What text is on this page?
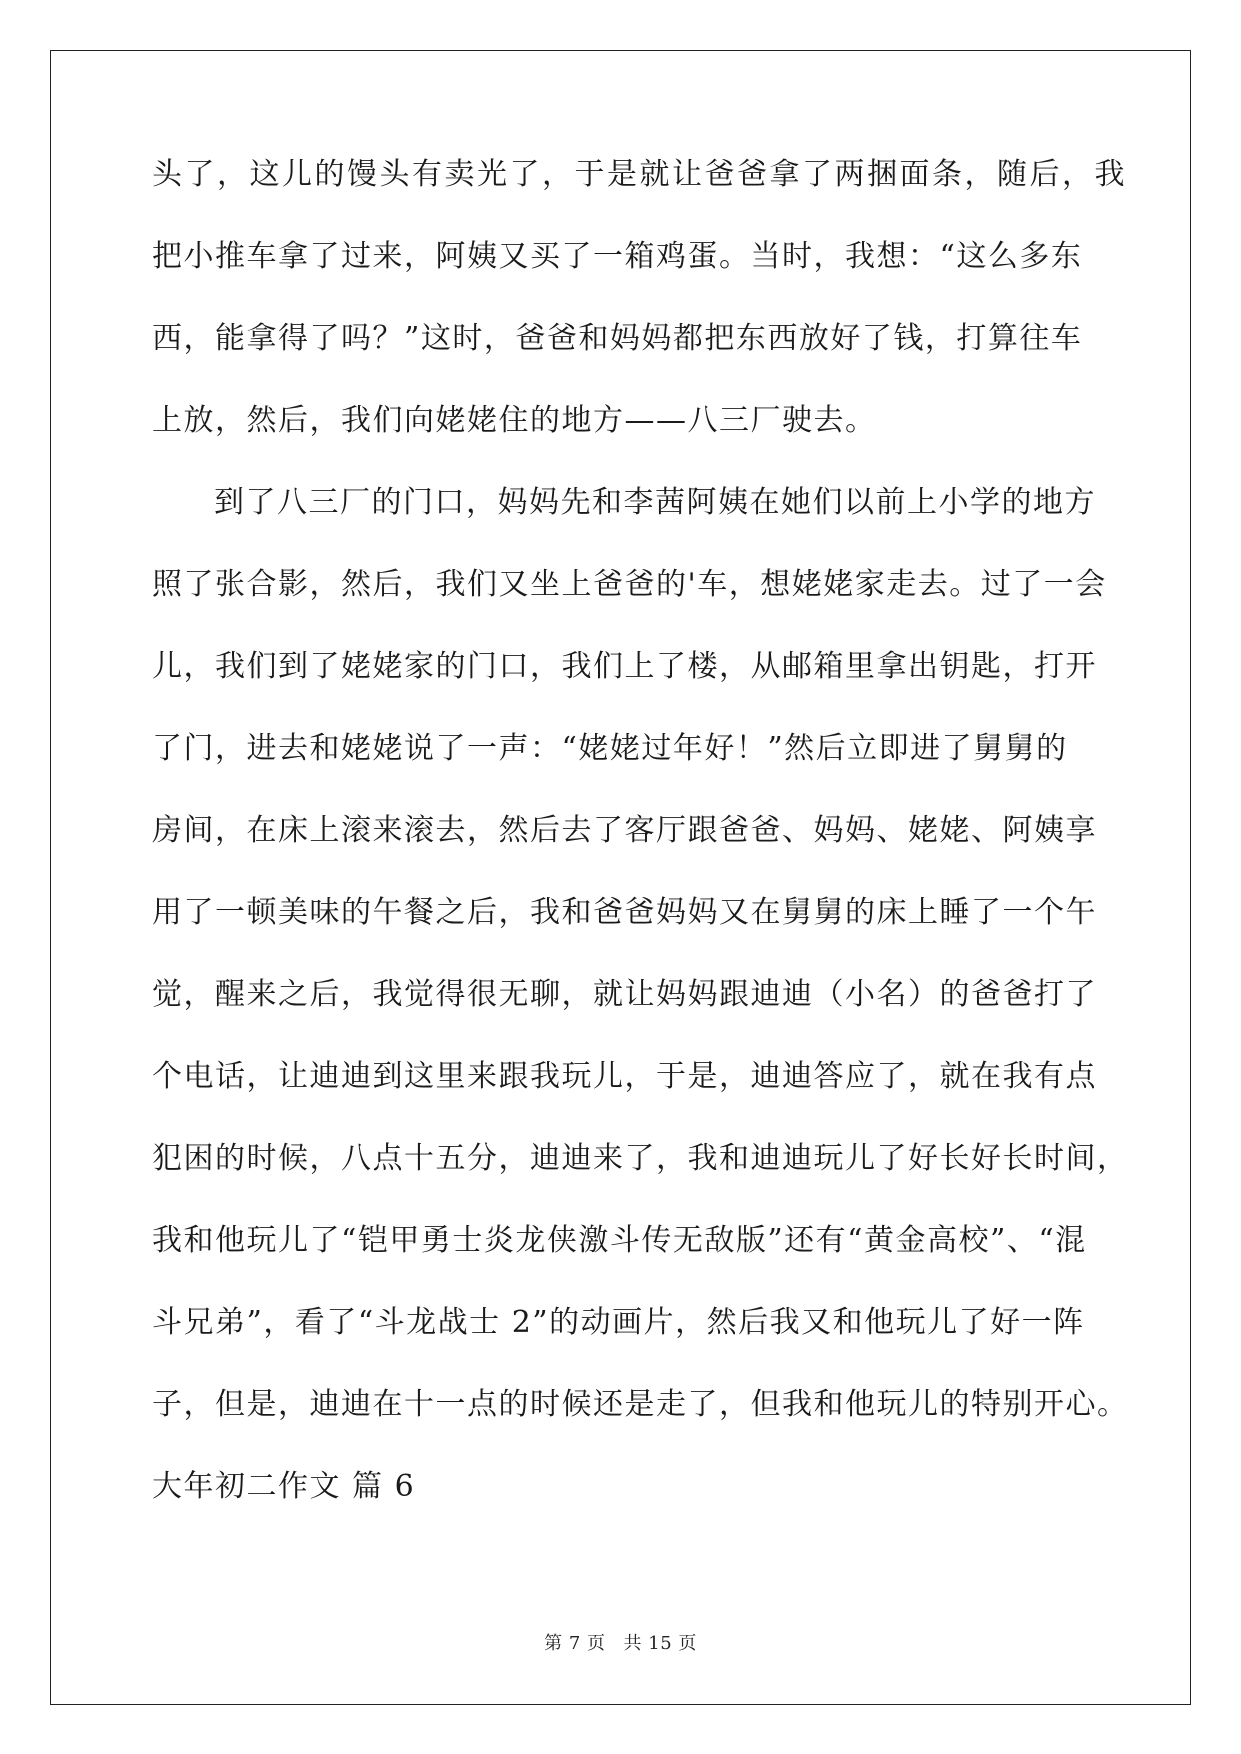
头了，这儿的馒头有卖光了，于是就让爸爸拿了两捆面条，随后，我
把小推车拿了过来，阿姨又买了一箱鸡蛋。当时，我想：“这么多东
西，能拿得了吗？”这时，爸爸和妈妈都把东西放好了钱，打算往车
上放，然后，我们向姥姥住的地方——八三厂驶去。
到了八三厂的门口，妈妈先和李茜阿姨在她们以前上小学的地方
照了张合影，然后，我们又坐上爸爸的'车，想姥姥家走去。过了一会
儿，我们到了姥姥家的门口，我们上了楼，从邮箱里拿出钥匙，打开
了门，进去和姥姥说了一声：“姥姥过年好！”然后立即进了舅舅的
房间，在床上滚来滚去，然后去了客厅跟爸爸、妈妈、姥姥、阿姨享
用了一顿美味的午餐之后，我和爸爸妈妈又在舅舅的床上睡了一个午
觉，醒来之后，我觉得很无聊，就让妈妈跟迪迪（小名）的爸爸打了
个电话，让迪迪到这里来跟我玩儿，于是，迪迪答应了，就在我有点
犯困的时候，八点十五分，迪迪来了，我和迪迪玩儿了好长好长时间，
我和他玩儿了“铠甲勇士炎龙侠激斗传无敌版”还有“黄金高校”、“混
斗兄弟”，看了“斗龙战士 2”的动画片，然后我又和他玩儿了好一阵
子，但是，迪迪在十一点的时候还是走了，但我和他玩儿的特别开心。
大年初二作文 篇 6
第 7 页 共 15 页
